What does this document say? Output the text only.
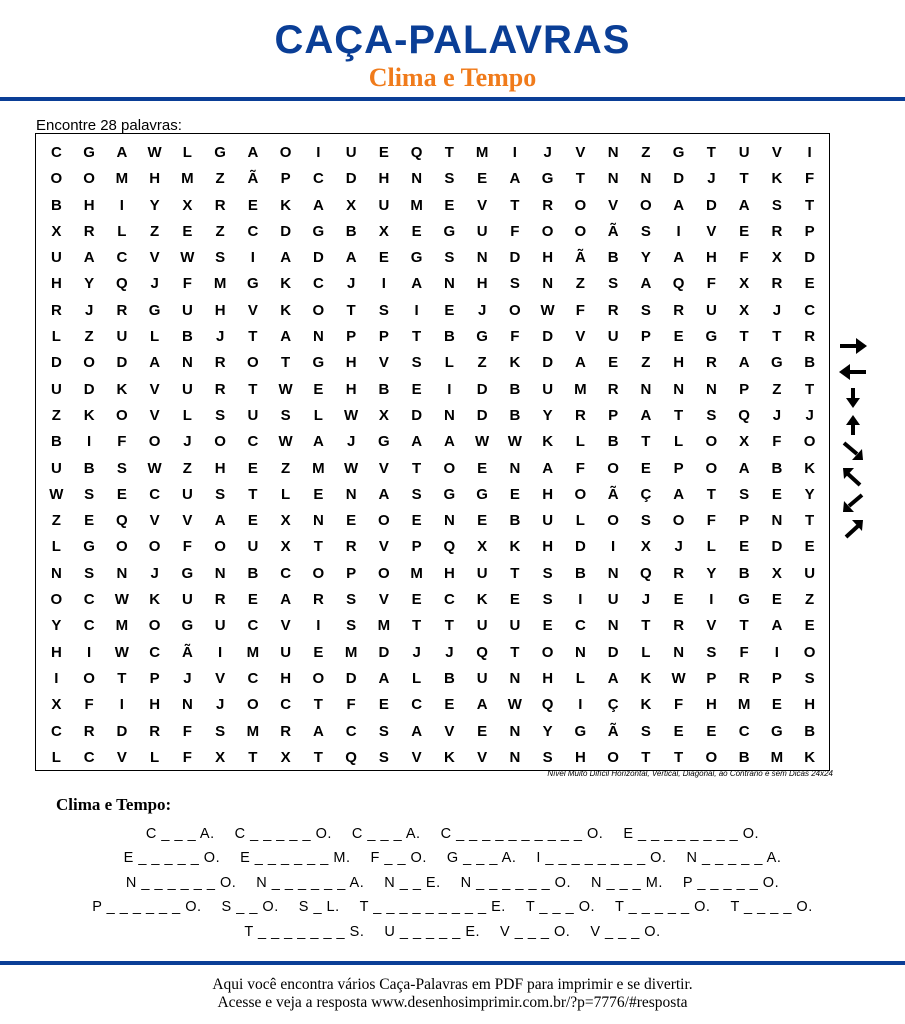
CAÇA-PALAVRAS
Clima e Tempo
Encontre 28 palavras:
C	G	A	W	L	G	A	O	I	U	E	Q	T	M	I	J	V	N	Z	G	T	U	V	I
O	O	M	H	M	Z	Ã	P	C	D	H	N	S	E	A	G	T	N	N	D	J	T	K	F
B	H	I	Y	X	R	E	K	A	X	U	M	E	V	T	R	O	V	O	A	D	A	S	T
X	R	L	Z	E	Z	C	D	G	B	X	E	G	U	F	O	O	Ã	S	I	V	E	R	P
U	A	C	V	W	S	I	A	D	A	E	G	S	N	D	H	Ã	B	Y	A	H	F	X	D
H	Y	Q	J	F	M	G	K	C	J	I	A	N	H	S	N	Z	S	A	Q	F	X	R	E
R	J	R	G	U	H	V	K	O	T	S	I	E	J	O	W	F	R	S	R	U	X	J	C
L	Z	U	L	B	J	T	A	N	P	P	T	B	G	F	D	V	U	P	E	G	T	T	R
D	O	D	A	N	R	O	T	G	H	V	S	L	Z	K	D	A	E	Z	H	R	A	G	B
U	D	K	V	U	R	T	W	E	H	B	E	I	D	B	U	M	R	N	N	N	P	Z	T
Z	K	O	V	L	S	U	S	L	W	X	D	N	D	B	Y	R	P	A	T	S	Q	J	J
B	I	F	O	J	O	C	W	A	J	G	A	A	W	W	K	L	B	T	L	O	X	F	O
U	B	S	W	Z	H	E	Z	M	W	V	T	O	E	N	A	F	O	E	P	O	A	B	K
W	S	E	C	U	S	T	L	E	N	A	S	G	G	E	H	O	Ã	Ç	A	T	S	E	Y
Z	E	Q	V	V	A	E	X	N	E	O	E	N	E	B	U	L	O	S	O	F	P	N	T
L	G	O	O	F	O	U	X	T	R	V	P	Q	X	K	H	D	I	X	J	L	E	D	E
N	S	N	J	G	N	B	C	O	P	O	M	H	U	T	S	B	N	Q	R	Y	B	X	U
O	C	W	K	U	R	E	A	R	S	V	E	C	K	E	S	I	U	J	E	I	G	E	Z
Y	C	M	O	G	U	C	V	I	S	M	T	T	U	U	E	C	N	T	R	V	T	A	E
H	I	W	C	Ã	I	M	U	E	M	D	J	J	Q	T	O	N	D	L	N	S	F	I	O
I	O	T	P	J	V	C	H	O	D	A	L	B	U	N	H	L	A	K	W	P	R	P	S
X	F	I	H	N	J	O	C	T	F	E	C	E	A	W	Q	I	Ç	K	F	H	M	E	H
C	R	D	R	F	S	M	R	A	C	S	A	V	E	N	Y	G	Ã	S	E	E	C	G	B
L	C	V	L	F	X	T	X	T	Q	S	V	K	V	N	S	H	O	T	T	O	B	M	K
Nível Muito Difícil Horizontal, Vertical, Diagonal, ao Contrário e sem Dicas 24x24
Clima e Tempo:
C _ _ _ A. C _ _ _ _ _ O. C _ _ _ A. C _ _ _ _ _ _ _ _ _ _ O. E _ _ _ _ _ _ _ _ O.
E _ _ _ _ _ O. E _ _ _ _ _ _ M. F _ _ O. G _ _ _ A. I _ _ _ _ _ _ _ _ O. N _ _ _ _ _ A.
N _ _ _ _ _ _ O. N _ _ _ _ _ _ A. N _ _ E. N _ _ _ _ _ _ O. N _ _ _ M. P _ _ _ _ _ O.
P _ _ _ _ _ _ O. S _ _ O. S _ L. T _ _ _ _ _ _ _ _ _ E. T _ _ _ O. T _ _ _ _ _ O. T _ _ _ _ O.
T _ _ _ _ _ _ _ S. U _ _ _ _ _ E. V _ _ _ O. V _ _ _ O.
Aqui você encontra vários Caça-Palavras em PDF para imprimir e se divertir.
Acesse e veja a resposta www.desenhosimprimir.com.br/?p=7776/#resposta
